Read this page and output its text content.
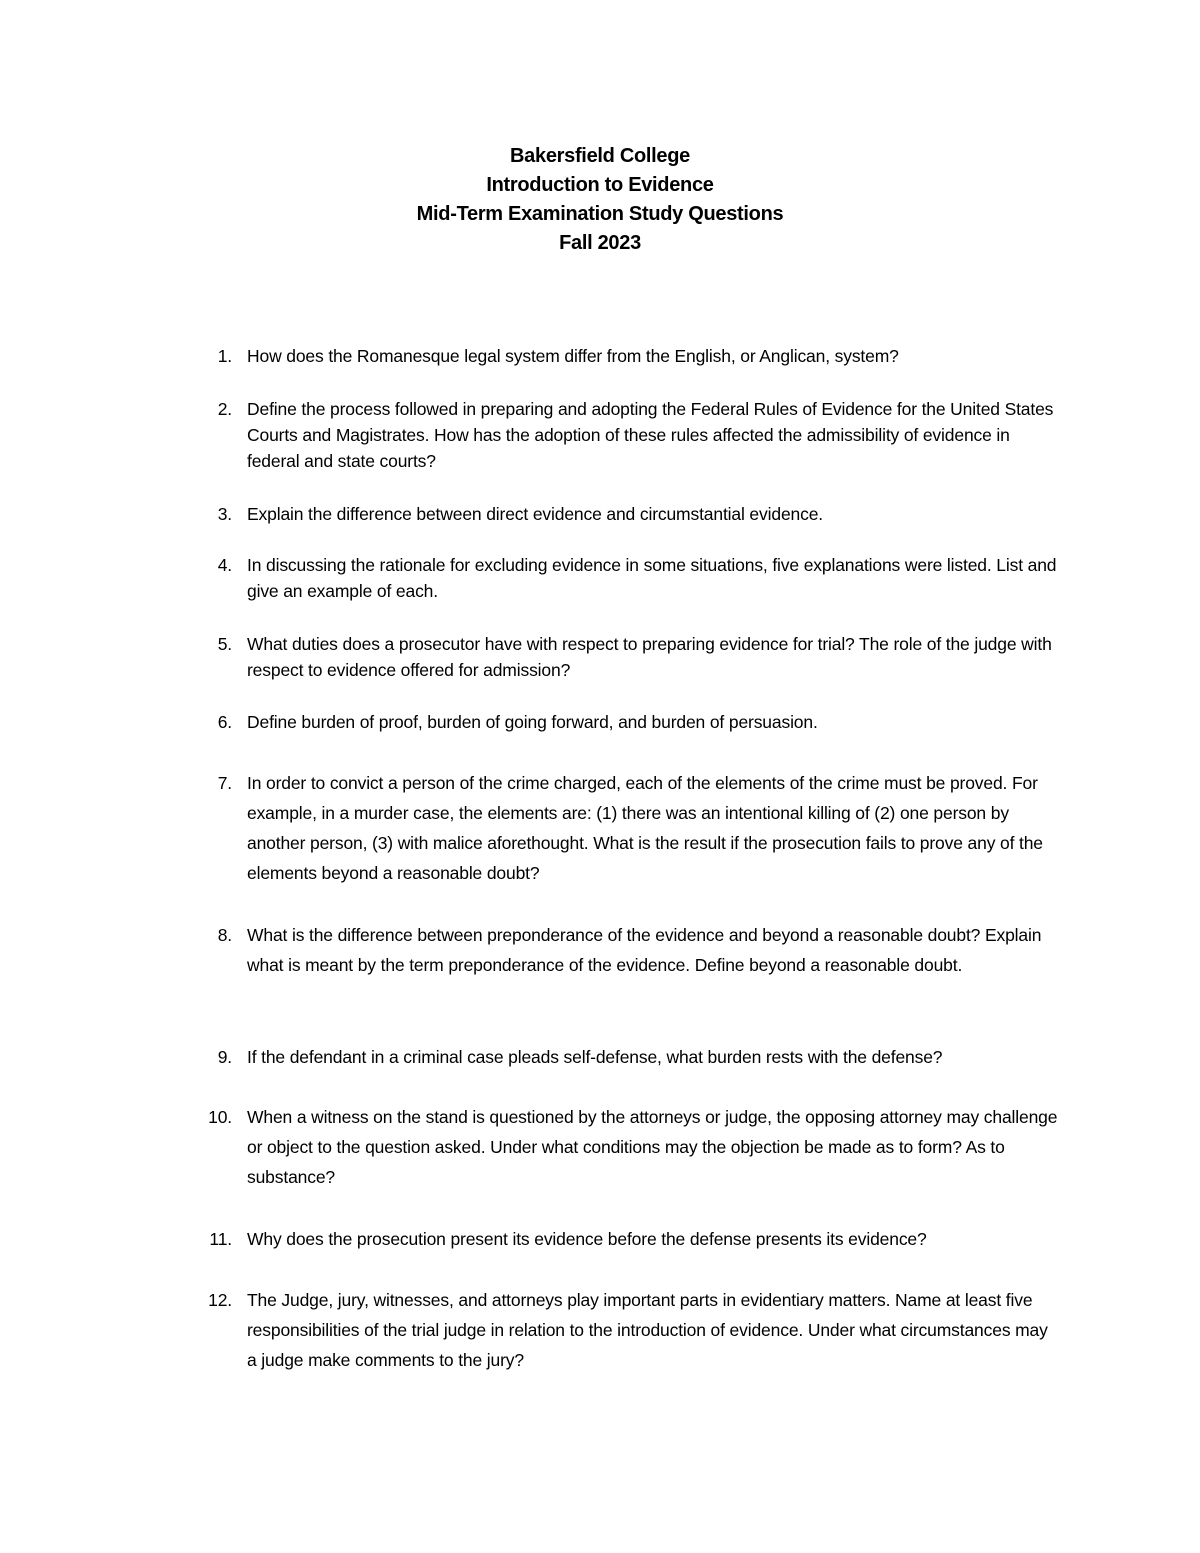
Bakersfield College
Introduction to Evidence
Mid-Term Examination Study Questions
Fall 2023
1. How does the Romanesque legal system differ from the English, or Anglican, system?
2. Define the process followed in preparing and adopting the Federal Rules of Evidence for the United States Courts and Magistrates. How has the adoption of these rules affected the admissibility of evidence in federal and state courts?
3. Explain the difference between direct evidence and circumstantial evidence.
4. In discussing the rationale for excluding evidence in some situations, five explanations were listed. List and give an example of each.
5. What duties does a prosecutor have with respect to preparing evidence for trial? The role of the judge with respect to evidence offered for admission?
6. Define burden of proof, burden of going forward, and burden of persuasion.
7. In order to convict a person of the crime charged, each of the elements of the crime must be proved. For example, in a murder case, the elements are: (1) there was an intentional killing of (2) one person by another person, (3) with malice aforethought. What is the result if the prosecution fails to prove any of the elements beyond a reasonable doubt?
8. What is the difference between preponderance of the evidence and beyond a reasonable doubt? Explain what is meant by the term preponderance of the evidence. Define beyond a reasonable doubt.
9. If the defendant in a criminal case pleads self-defense, what burden rests with the defense?
10. When a witness on the stand is questioned by the attorneys or judge, the opposing attorney may challenge or object to the question asked. Under what conditions may the objection be made as to form? As to substance?
11. Why does the prosecution present its evidence before the defense presents its evidence?
12. The Judge, jury, witnesses, and attorneys play important parts in evidentiary matters. Name at least five responsibilities of the trial judge in relation to the introduction of evidence. Under what circumstances may a judge make comments to the jury?
